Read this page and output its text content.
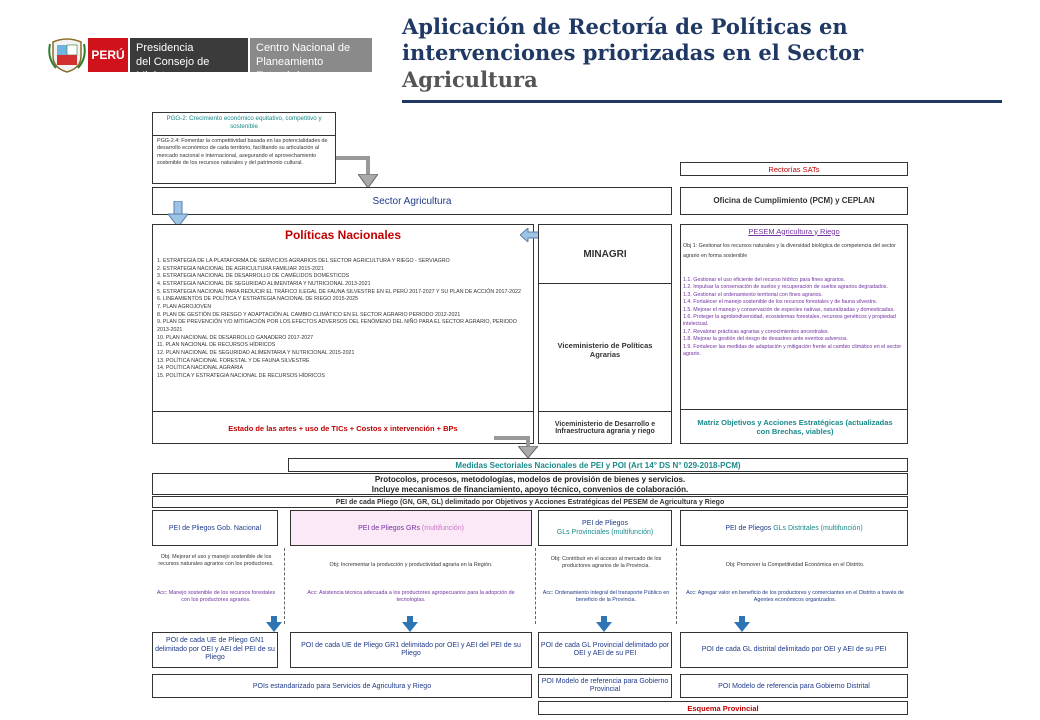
PERÚ Presidencia
del Consejo de Ministros
Centro Nacional de
Planeamiento Estratégico
Aplicación de Rectoría de Políticas en
intervenciones priorizadas en el Sector
Agricultura
PGG-2: Crecimiento económico equitativo, competitivo y sostenible
PGG-2.4: Fomentar la competitividad basada en las potencialidades de desarrollo económico de cada territorio, facilitando su articulación al mercado nacional e internacional, asegurando el aprovechamiento sostenible de los recursos naturales y del patrimonio cultural.
Rectorías SATs
Sector Agricultura	Oficina de Cumplimiento (PCM) y CEPLAN
Políticas Nacionales
1. ESTRATEGIA DE LA PLATAFORMA DE SERVICIOS AGRARIOS DEL SECTOR AGRICULTURA Y RIEGO - SERVIAGRO
2. ESTRATEGIA NACIONAL DE AGRICULTURA FAMILIAR 2015-2021
3. ESTRATEGIA NACIONAL DE DESARROLLO DE CAMÉLIDOS DOMÉSTICOS
4. ESTRATEGIA NACIONAL DE SEGURIDAD ALIMENTARIA Y NUTRICIONAL 2013-2021
5. ESTRATEGIA NACIONAL PARA REDUCIR EL TRÁFICO ILEGAL DE FAUNA SILVESTRE EN EL PERÚ 2017-2027 Y SU PLAN DE ACCIÓN 2017-2022
6. LINEAMIENTOS DE POLÍTICA Y ESTRATEGIA NACIONAL DE RIEGO 2015-2025
7. PLAN AGROJOVEN
8. PLAN DE GESTIÓN DE RIESGO Y ADAPTACIÓN AL CAMBIO CLIMÁTICO EN EL SECTOR AGRARIO PERIODO 2012-2021
9. PLAN DE PREVENCIÓN Y/O MITIGACIÓN POR LOS EFECTOS ADVERSOS DEL FENÓMENO DEL NIÑO PARA EL SECTOR AGRARIO, PERIODO 2013-2021
10. PLAN NACIONAL DE DESARROLLO GANADERO 2017-2027
11. PLAN NACIONAL DE RECURSOS HÍDRICOS
12. PLAN NACIONAL DE SEGURIDAD ALIMENTARIA Y NUTRICIONAL 2015-2021
13. POLÍTICA NACIONAL FORESTAL Y DE FAUNA SILVESTRE
14. POLÍTICA NACIONAL AGRARIA
15. POLÍTICA Y ESTRATEGIA NACIONAL DE RECURSOS HÍDRICOS
Estado de las artes + uso de TICs + Costos x intervención + BPs
MINAGRI
Viceministerio de Políticas Agrarias
Viceministerio de Desarrollo e Infraestructura agraria y riego
PESEM Agricultura y Riego
Obj 1: Gestionar los recursos naturales y la diversidad biológica de competencia del sector agrario en forma sostenible
1.1. Gestionar el uso eficiente del recurso hídrico para fines agrarios.
1.2. Impulsar la conservación de suelos y recuperación de suelos agrarios degradados.
1.3. Gestionar el ordenamiento territorial con fines agrarios.
1.4. Fortalecer el manejo sostenible de los recursos forestales y de fauna silvestre.
1.5. Mejorar el manejo y conservación de especies nativas, naturalizadas y domesticadas.
1.6. Proteger la agrobiodiversidad, ecosistemas forestales, recursos genéticos y propiedad intelectual.
1.7. Revalorar prácticas agrarias y conocimientos ancestrales.
1.8. Mejorar la gestión del riesgo de desastres ante eventos adversos.
1.9. Fortalecer las medidas de adaptación y mitigación frente al cambio climático en el sector agrario.
Matriz Objetivos y Acciones Estratégicas (actualizadas con Brechas, viables)
Medidas Sectoriales Nacionales de PEI y POI (Art 14° DS N° 029-2018-PCM)
Protocolos, procesos, metodologías, modelos de provisión de bienes y servicios.
Incluye mecanismos de financiamiento, apoyo técnico, convenios de colaboración.
PEI de cada Pliego (GN, GR, GL) delimitado por Objetivos y Acciones Estratégicas del PESEM de Agricultura y Riego
PEI de Pliegos Gob. Nacional	PEI de Pliegos GRs
(multifunción)
PEI de Pliegos
GLs Provinciales (multifunción)
PEI de Pliegos
GLs Distritales
(multifunción)
Obj: Mejorar el uso y manejo sostenible de los recursos naturales agrarios con los productores.
Acc: Manejo sostenible de los recursos forestales con los productores agrarios.
Obj: Incrementar la producción y productividad agraria en la Región.
Acc: Asistencia técnica adecuada a los productores agropecuarios para la adopción de tecnologías.
Obj: Contribuir en el acceso al mercado de los productores agrarios de la Provincia.
Acc: Ordenamiento integral del transporte Público en beneficio de la Provincia.
Obj: Promover la Competitividad Económica en el Distrito.
Acc: Agregar valor en beneficio de los productores y comerciantes en el Distrito a través de Agentes económicos organizados.
POI de cada UE de Pliego GN1 delimitado por OEI y AEI del PEI de su Pliego
POI de cada UE de Pliego GR1 delimitado por OEI y AEI del PEI de su Pliego
POI de cada GL Provincial delimitado por OEI y AEI de su PEI
POI de cada GL distrital delimitado por OEI y AEI de su PEI
POIs estandarizado para Servicios de Agricultura y Riego
POI Modelo de referencia para Gobierno Provincial	POI Modelo de referencia para Gobierno Distrital
Esquema Provincial
